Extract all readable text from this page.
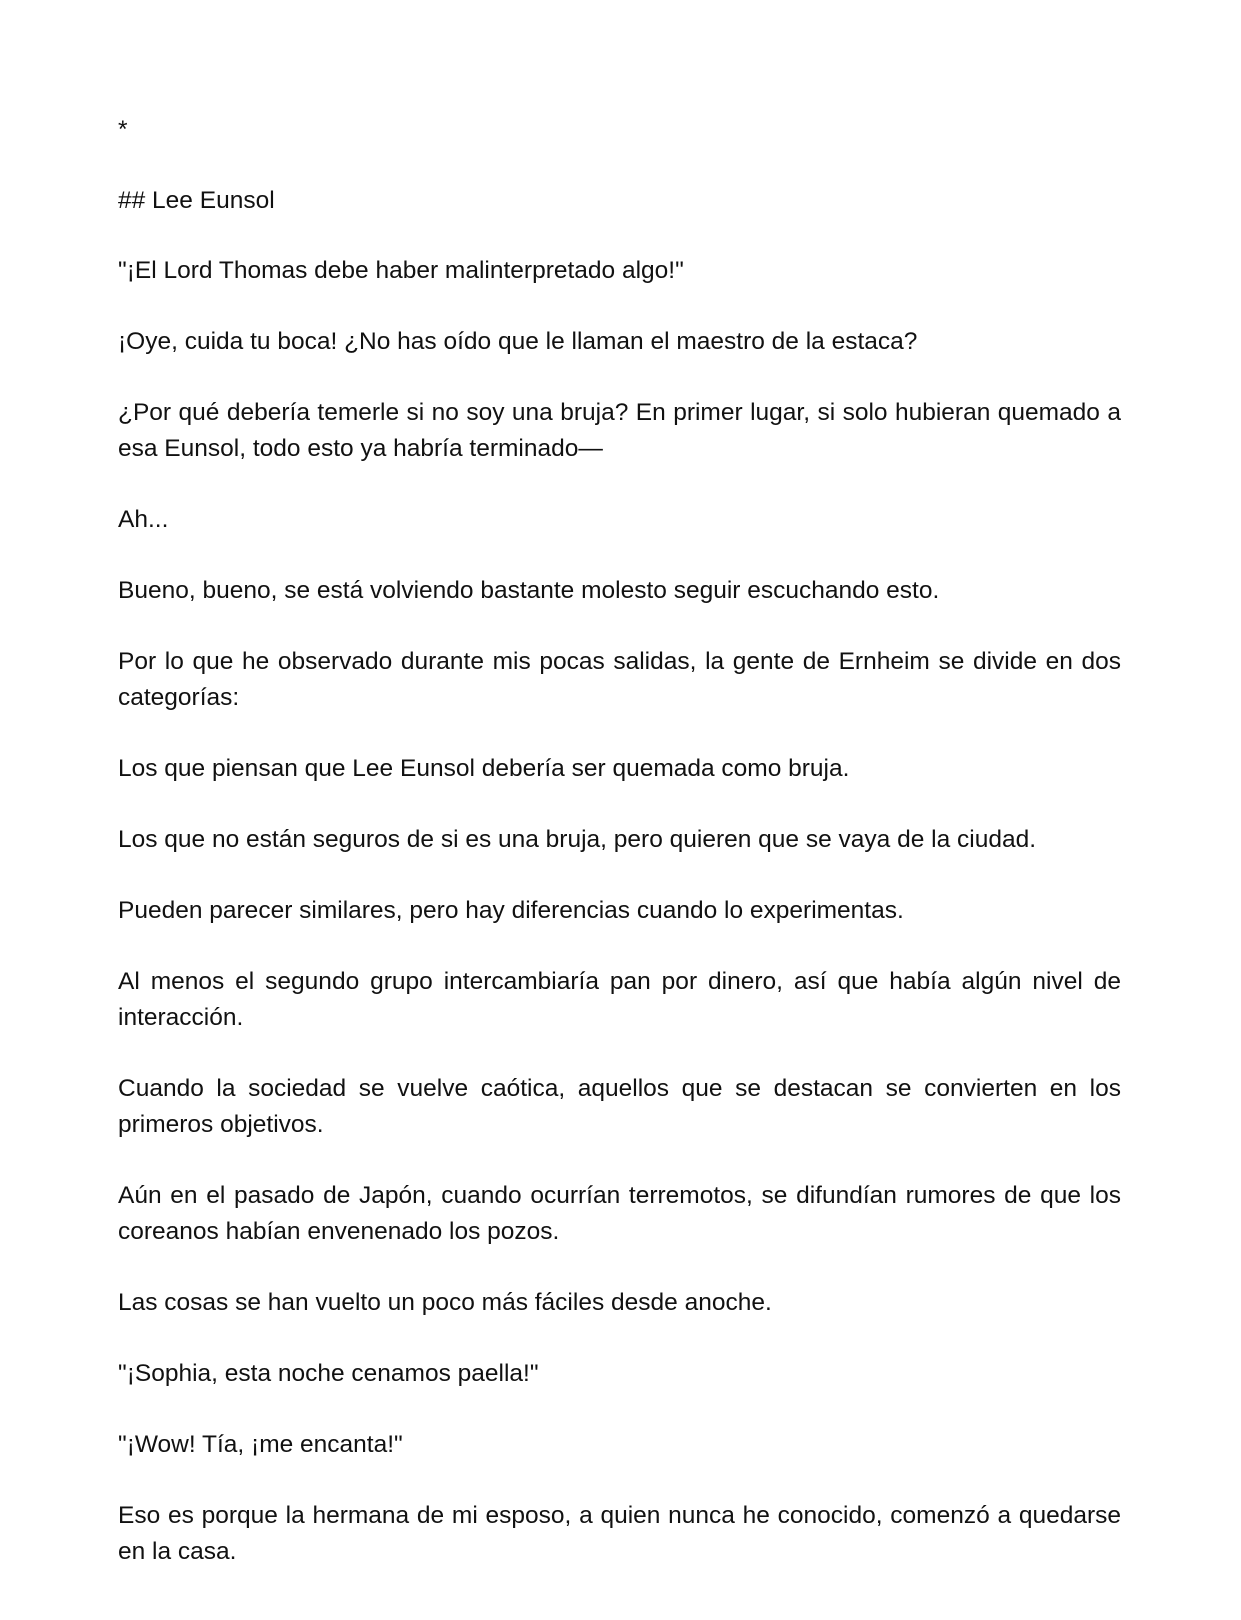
*
## Lee Eunsol

"¡El Lord Thomas debe haber malinterpretado algo!"

¡Oye, cuida tu boca! ¿No has oído que le llaman el maestro de la estaca?

¿Por qué debería temerle si no soy una bruja? En primer lugar, si solo hubieran quemado a esa Eunsol, todo esto ya habría terminado—

Ah...

Bueno, bueno, se está volviendo bastante molesto seguir escuchando esto.

Por lo que he observado durante mis pocas salidas, la gente de Ernheim se divide en dos categorías:

Los que piensan que Lee Eunsol debería ser quemada como bruja.

Los que no están seguros de si es una bruja, pero quieren que se vaya de la ciudad.

Pueden parecer similares, pero hay diferencias cuando lo experimentas.

Al menos el segundo grupo intercambiaría pan por dinero, así que había algún nivel de interacción.

Cuando la sociedad se vuelve caótica, aquellos que se destacan se convierten en los primeros objetivos.

Aún en el pasado de Japón, cuando ocurrían terremotos, se difundían rumores de que los coreanos habían envenenado los pozos.

Las cosas se han vuelto un poco más fáciles desde anoche.

"¡Sophia, esta noche cenamos paella!"

"¡Wow! Tía, ¡me encanta!"

Eso es porque la hermana de mi esposo, a quien nunca he conocido, comenzó a quedarse en la casa.
